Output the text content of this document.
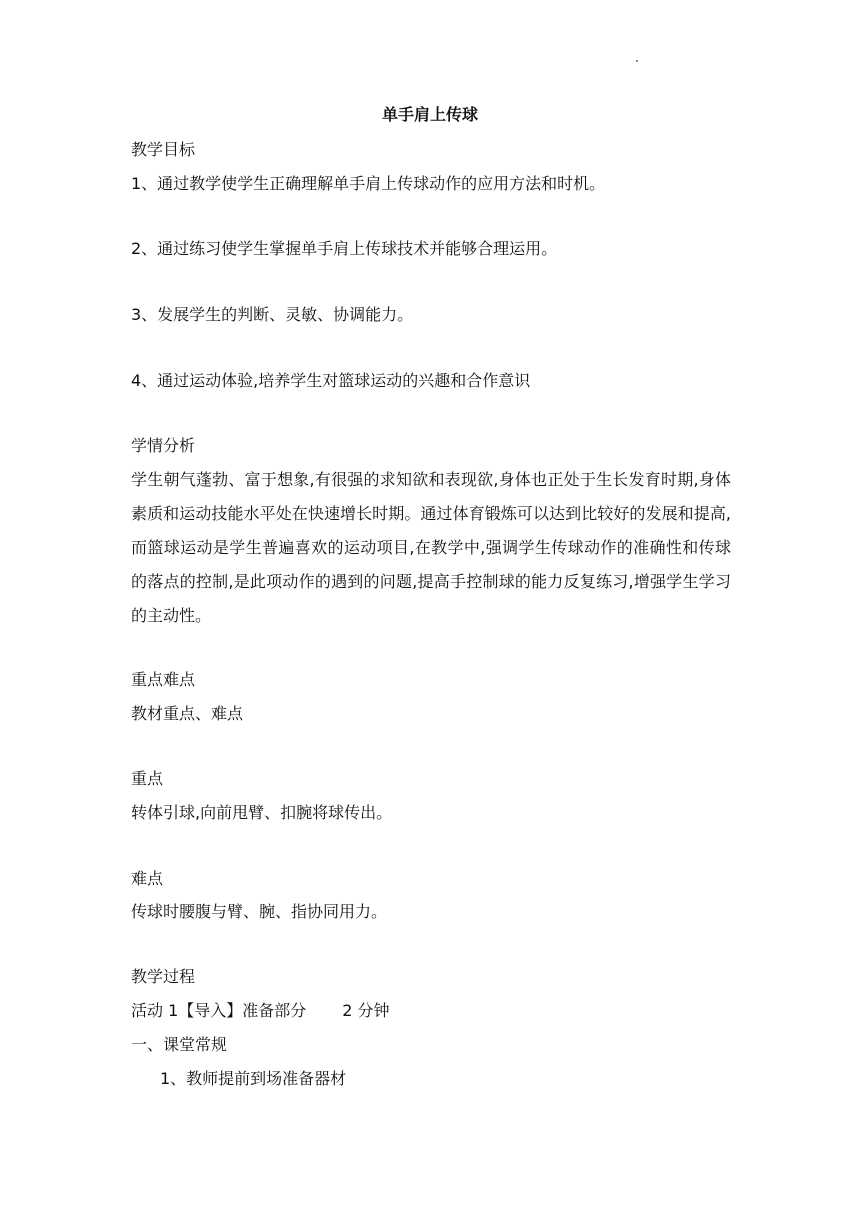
单手肩上传球
教学目标
1、通过教学使学生正确理解单手肩上传球动作的应用方法和时机。
2、通过练习使学生掌握单手肩上传球技术并能够合理运用。
3、发展学生的判断、灵敏、协调能力。
4、通过运动体验,培养学生对篮球运动的兴趣和合作意识
学情分析
学生朝气蓬勃、富于想象,有很强的求知欲和表现欲,身体也正处于生长发育时期,身体素质和运动技能水平处在快速增长时期。通过体育锻炼可以达到比较好的发展和提高,而篮球运动是学生普遍喜欢的运动项目,在教学中,强调学生传球动作的准确性和传球的落点的控制,是此项动作的遇到的问题,提高手控制球的能力反复练习,增强学生学习的主动性。
重点难点
教材重点、难点
重点
转体引球,向前甩臂、扣腕将球传出。
难点
传球时腰腹与臂、腕、指协同用力。
教学过程
活动 1【导入】准备部分 2 分钟
一、课堂常规
1、教师提前到场准备器材
